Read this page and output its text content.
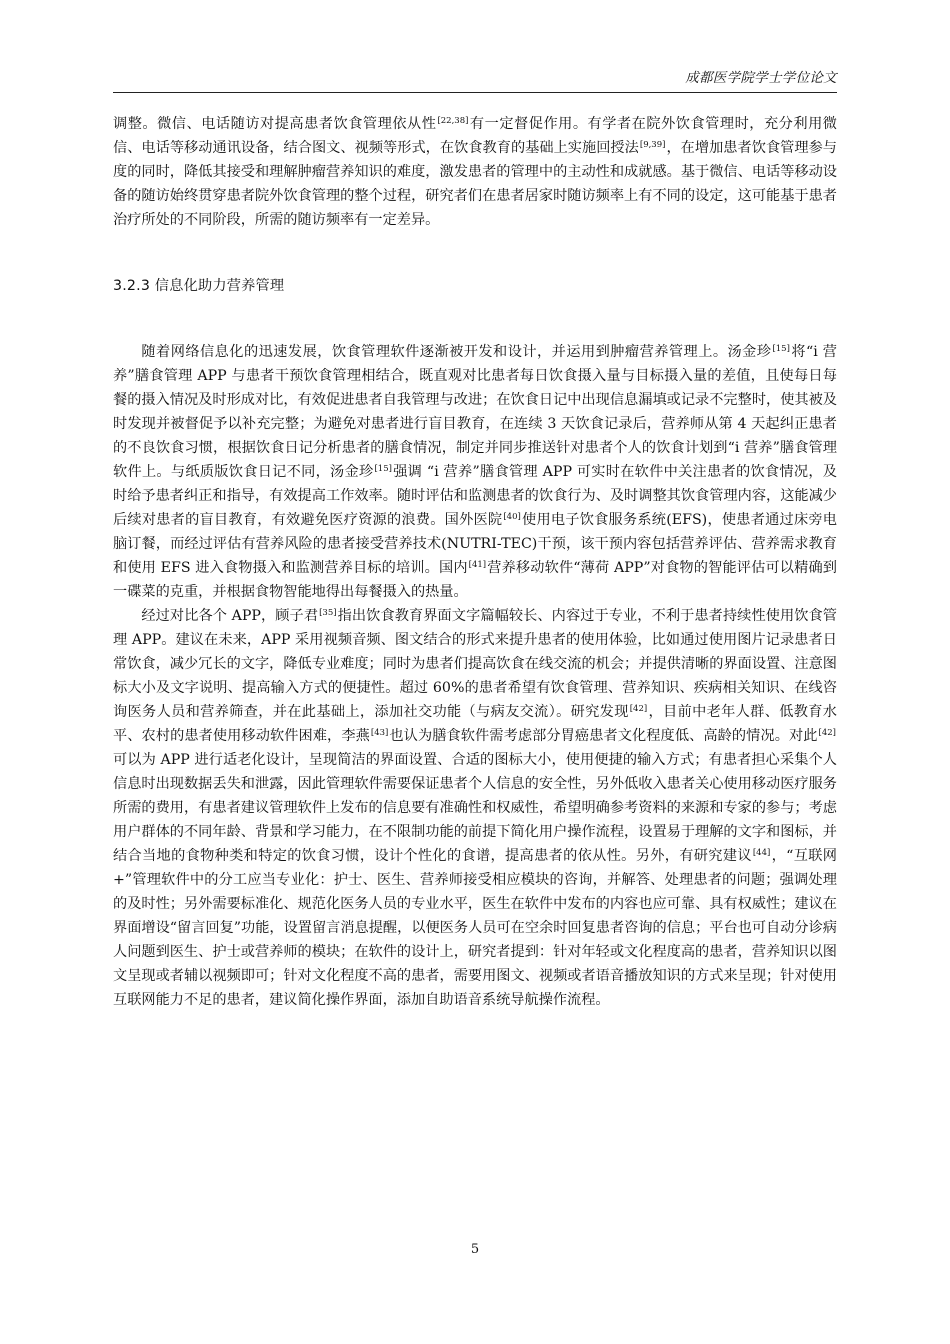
成都医学院学士学位论文

调整。微信、电话随访对提高患者饮食管理依从性[22,38]有一定督促作用。有学者在院外饮食管理时，充分利用微信、电话等移动通讯设备，结合图文、视频等形式，在饮食教育的基础上实施回授法[9,39]，在增加患者饮食管理参与度的同时，降低其接受和理解肿瘤营养知识的难度，激发患者的管理中的主动性和成就感。基于微信、电话等移动设备的随访始终贯穿患者院外饮食管理的整个过程，研究者们在患者居家时随访频率上有不同的设定，这可能基于患者治疗所处的不同阶段，所需的随访频率有一定差异。

3.2.3 信息化助力营养管理

随着网络信息化的迅速发展，饮食管理软件逐渐被开发和设计，并运用到肿瘤营养管理上。汤金珍[15]将“i 营养”膳食管理 APP 与患者干预饮食管理相结合，既直观对比患者每日饮食摄入量与目标摄入量的差值，且使每日每餐的摄入情况及时形成对比，有效促进患者自我管理与改进；在饮食日记中出现信息漏填或记录不完整时，使其被及时发现并被督促予以补充完整；为避免对患者进行盲目教育，在连续 3 天饮食记录后，营养师从第 4 天起纠正患者的不良饮食习惯，根据饮食日记分析患者的膳食情况，制定并同步推送针对患者个人的饮食计划到“i 营养”膳食管理软件上。与纸质版饮食日记不同，汤金珍[15]强调 “i 营养”膳食管理 APP 可实时在软件中关注患者的饮食情况，及时给予患者纠正和指导，有效提高工作效率。随时评估和监测患者的饮食行为、及时调整其饮食管理内容，这能减少后续对患者的盲目教育，有效避免医疗资源的浪费。国外医院[40]使用电子饮食服务系统(EFS)，使患者通过床旁电脑订餐，而经过评估有营养风险的患者接受营养技术(NUTRI-TEC)干预，该干预内容包括营养评估、营养需求教育和使用 EFS 进入食物摄入和监测营养目标的培训。国内[41]营养移动软件“薄荷 APP”对食物的智能评估可以精确到一碟菜的克重，并根据食物智能地得出每餐摄入的热量。

经过对比各个 APP，顾子君[35]指出饮食教育界面文字篇幅较长、内容过于专业，不利于患者持续性使用饮食管理 APP。建议在未来，APP 采用视频音频、图文结合的形式来提升患者的使用体验，比如通过使用图片记录患者日常饮食，减少冗长的文字，降低专业难度；同时为患者们提高饮食在线交流的机会；并提供清晰的界面设置、注意图标大小及文字说明、提高输入方式的便捷性。超过 60%的患者希望有饮食管理、营养知识、疾病相关知识、在线咨询医务人员和营养筛查，并在此基础上，添加社交功能（与病友交流）。研究发现[42]，目前中老年人群、低教育水平、农村的患者使用移动软件困难，李燕[43]也认为膳食软件需考虑部分胃癌患者文化程度低、高龄的情况。对此[42]可以为 APP 进行适老化设计，呈现简洁的界面设置、合适的图标大小，使用便捷的输入方式；有患者担心采集个人信息时出现数据丢失和泄露，因此管理软件需要保证患者个人信息的安全性，另外低收入患者关心使用移动医疗服务所需的费用，有患者建议管理软件上发布的信息要有准确性和权威性，希望明确参考资料的来源和专家的参与；考虑用户群体的不同年龄、背景和学习能力，在不限制功能的前提下简化用户操作流程，设置易于理解的文字和图标，并结合当地的食物种类和特定的饮食习惯，设计个性化的食谱，提高患者的依从性。另外，有研究建议[44]，“互联网+”管理软件中的分工应当专业化：护士、医生、营养师接受相应模块的咨询，并解答、处理患者的问题；强调处理的及时性；另外需要标准化、规范化医务人员的专业水平，医生在软件中发布的内容也应可靠、具有权威性；建议在界面增设“留言回复”功能，设置留言消息提醒，以便医务人员可在空余时回复患者咨询的信息；平台也可自动分诊病人问题到医生、护士或营养师的模块；在软件的设计上，研究者提到：针对年轻或文化程度高的患者，营养知识以图文呈现或者辅以视频即可；针对文化程度不高的患者，需要用图文、视频或者语音播放知识的方式来呈现；针对使用互联网能力不足的患者，建议简化操作界面，添加自助语音系统导航操作流程。

5
